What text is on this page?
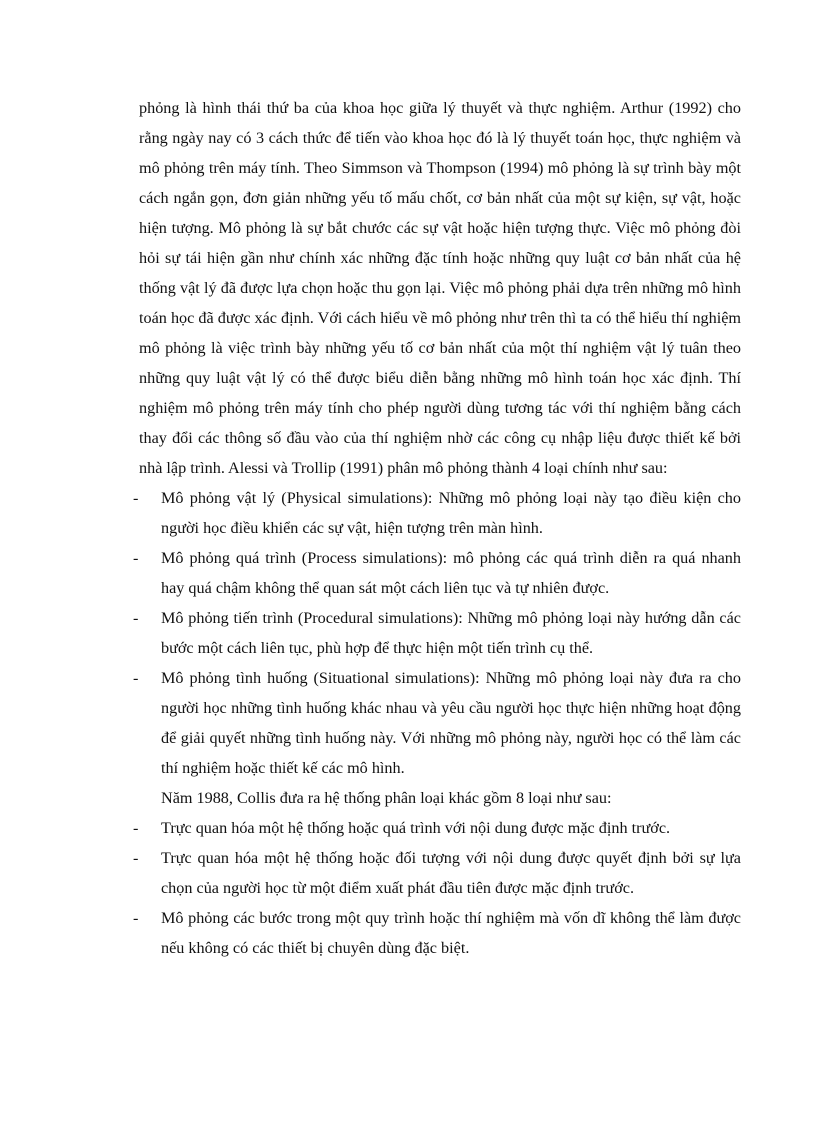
phỏng là hình thái thứ ba của khoa học giữa lý thuyết và thực nghiệm. Arthur (1992) cho rằng ngày nay có 3 cách thức để tiến vào khoa học đó là lý thuyết toán học, thực nghiệm và mô phỏng trên máy tính. Theo Simmson và Thompson (1994) mô phỏng là sự trình bày một cách ngắn gọn, đơn giản những yếu tố mấu chốt, cơ bản nhất của một sự kiện, sự vật, hoặc hiện tượng. Mô phỏng là sự bắt chước các sự vật hoặc hiện tượng thực. Việc mô phỏng đòi hỏi sự tái hiện gần như chính xác những đặc tính hoặc những quy luật cơ bản nhất của hệ thống vật lý đã được lựa chọn hoặc thu gọn lại. Việc mô phỏng phải dựa trên những mô hình toán học đã được xác định. Với cách hiểu về mô phỏng như trên thì ta có thể hiểu thí nghiệm mô phỏng là việc trình bày những yếu tố cơ bản nhất của một thí nghiệm vật lý tuân theo những quy luật vật lý có thể được biểu diễn bằng những mô hình toán học xác định. Thí nghiệm mô phỏng trên máy tính cho phép người dùng tương tác với thí nghiệm bằng cách thay đổi các thông số đầu vào của thí nghiệm nhờ các công cụ nhập liệu được thiết kế bởi nhà lập trình. Alessi và Trollip (1991) phân mô phỏng thành 4 loại chính như sau:

- Mô phỏng vật lý (Physical simulations): Những mô phỏng loại này tạo điều kiện cho người học điều khiển các sự vật, hiện tượng trên màn hình.
- Mô phỏng quá trình (Process simulations): mô phỏng các quá trình diễn ra quá nhanh hay quá chậm không thể quan sát một cách liên tục và tự nhiên được.
- Mô phỏng tiến trình (Procedural simulations): Những mô phỏng loại này hướng dẫn các bước một cách liên tục, phù hợp để thực hiện một tiến trình cụ thể.
- Mô phỏng tình huống (Situational simulations): Những mô phỏng loại này đưa ra cho người học những tình huống khác nhau và yêu cầu người học thực hiện những hoạt động để giải quyết những tình huống này. Với những mô phỏng này, người học có thể làm các thí nghiệm hoặc thiết kế các mô hình.

Năm 1988, Collis đưa ra hệ thống phân loại khác gồm 8 loại như sau:

- Trực quan hóa một hệ thống hoặc quá trình với nội dung được mặc định trước.
- Trực quan hóa một hệ thống hoặc đối tượng với nội dung được quyết định bởi sự lựa chọn của người học từ một điểm xuất phát đầu tiên được mặc định trước.
- Mô phỏng các bước trong một quy trình hoặc thí nghiệm mà vốn dĩ không thể làm được nếu không có các thiết bị chuyên dùng đặc biệt.
